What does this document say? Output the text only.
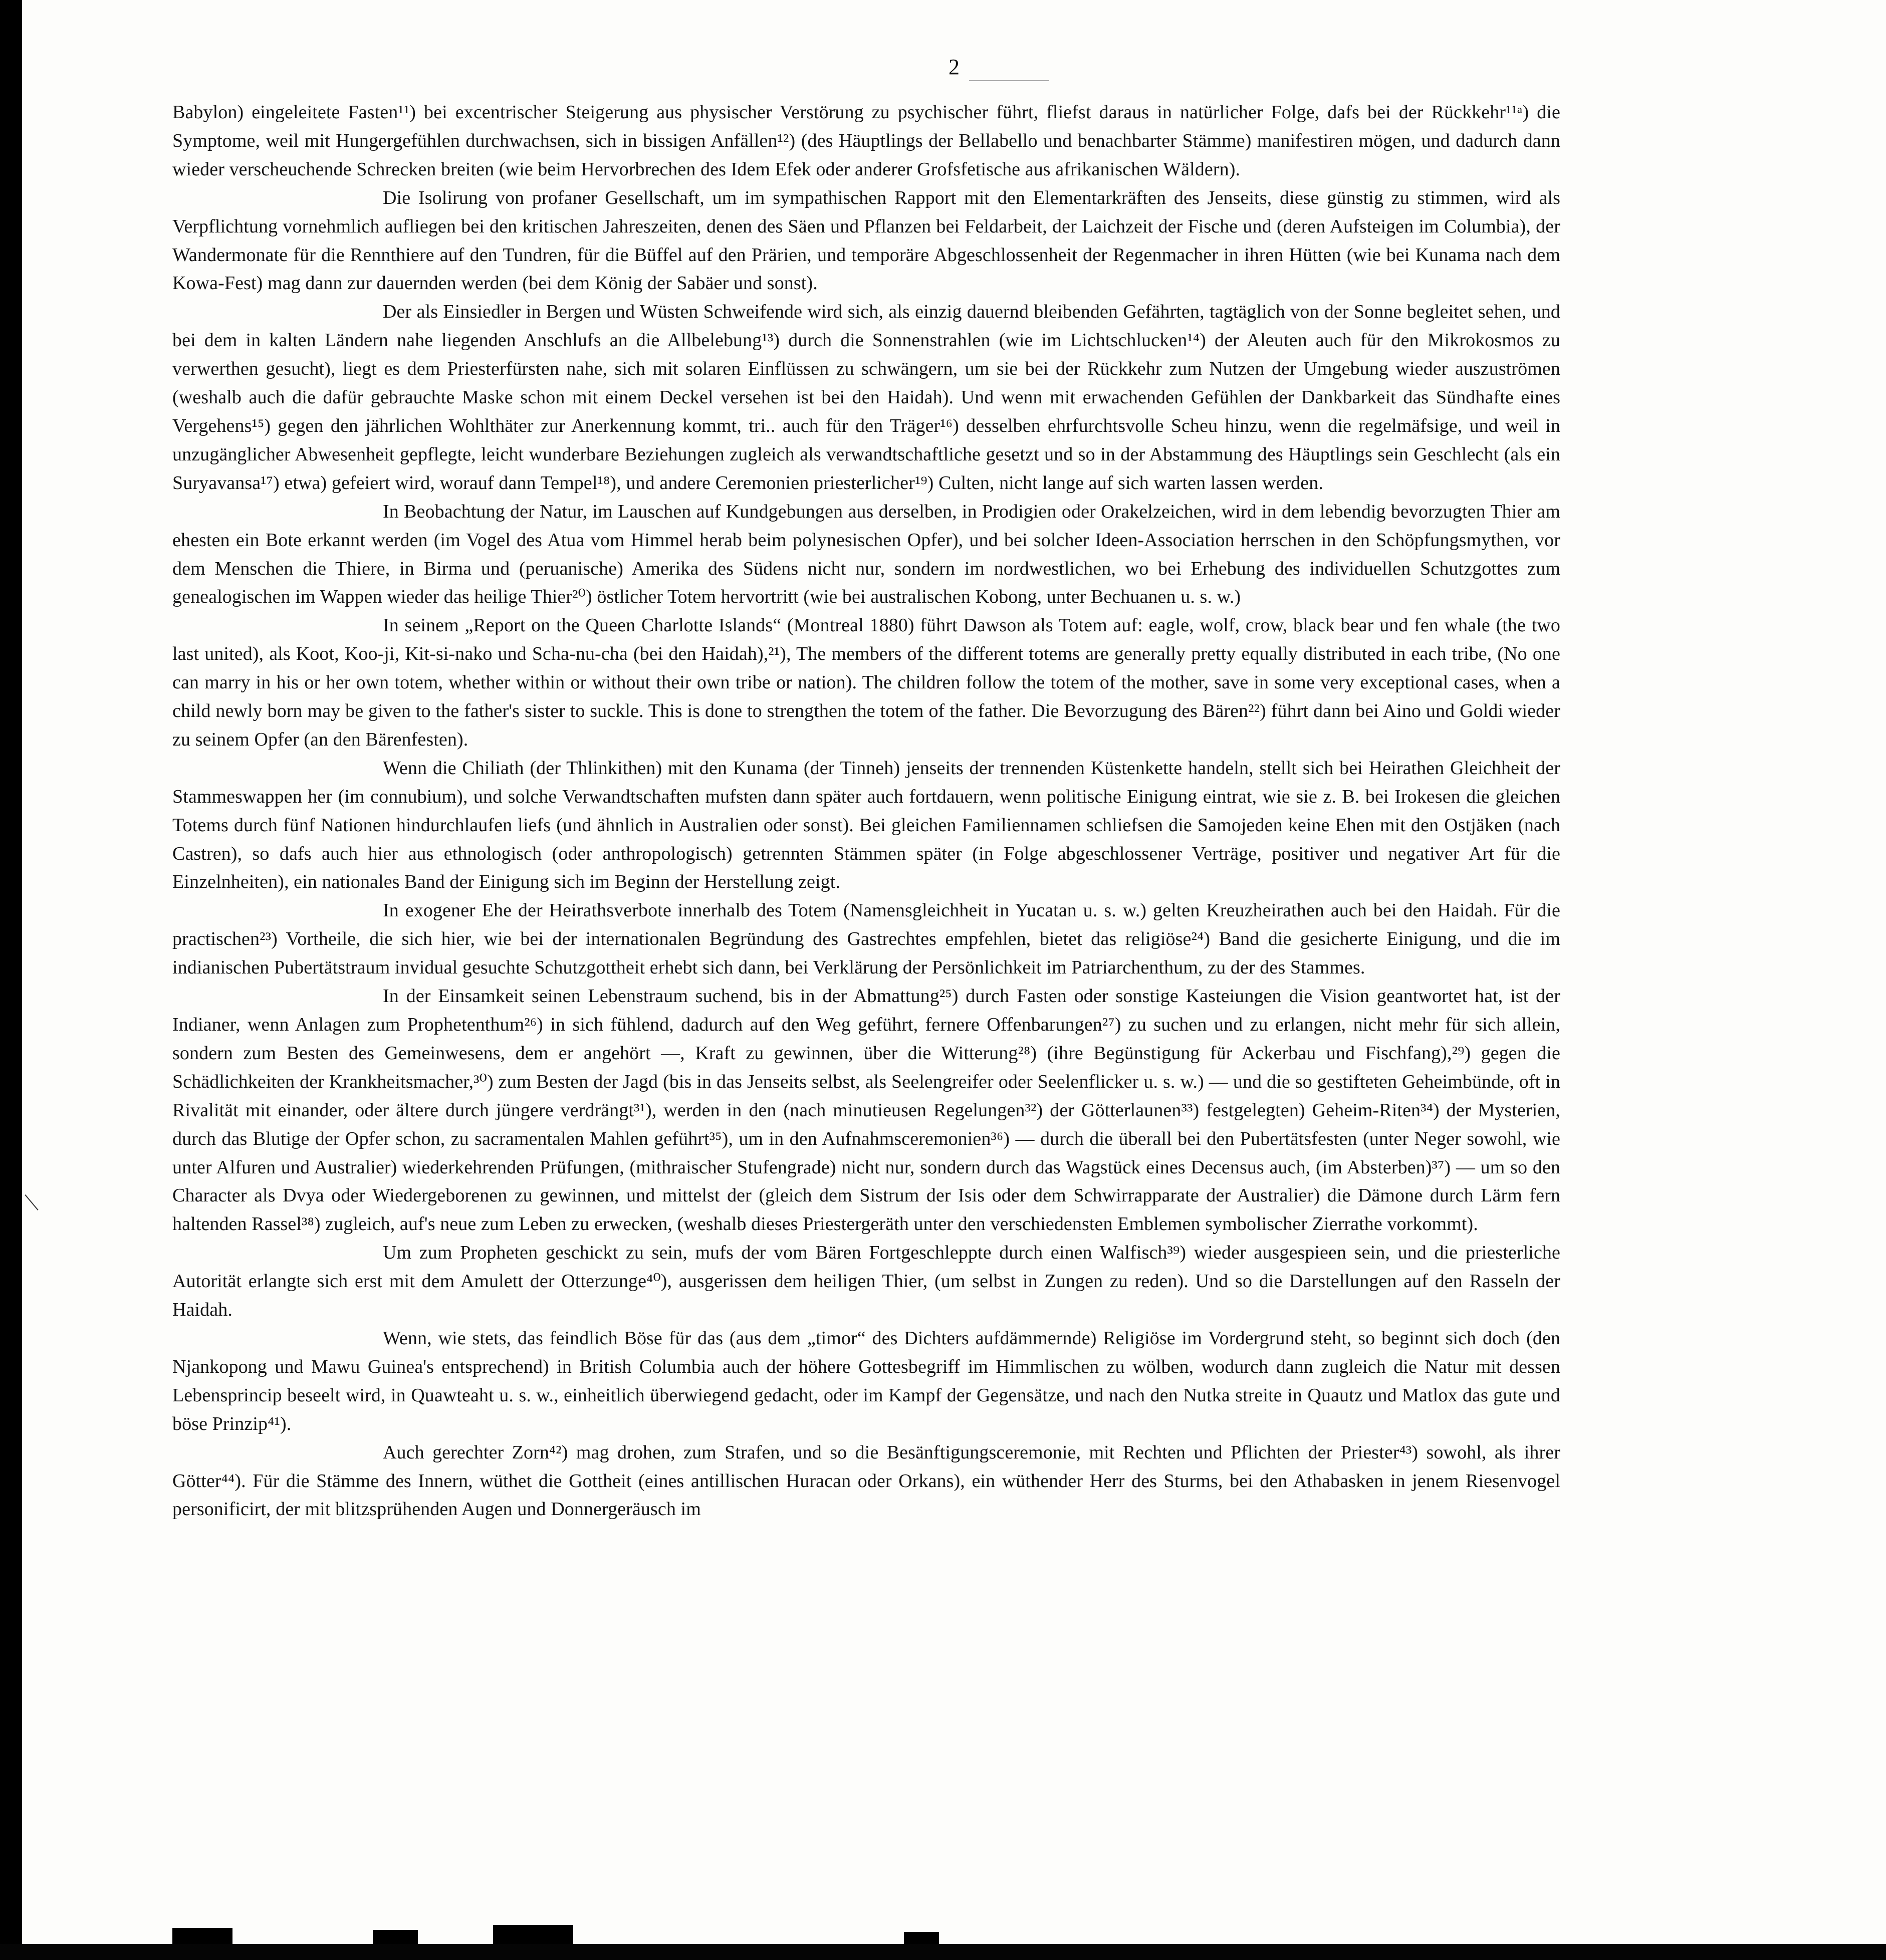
2

Babylon) eingeleitete Fasten¹¹) bei excentrischer Steigerung aus physischer Verstörung zu psychischer führt, fliefst daraus in natürlicher Folge, dafs bei der Rückkehr¹¹ᵃ) die Symptome, weil mit Hungergefühlen durchwachsen, sich in bissigen Anfällen¹²) (des Häuptlings der Bellabello und benachbarter Stämme) manifestiren mögen, und dadurch dann wieder verscheuchende Schrecken breiten (wie beim Hervorbrechen des Idem Efek oder anderer Grofsfetische aus afrikanischen Wäldern).

Die Isolirung von profaner Gesellschaft, um im sympathischen Rapport mit den Elementarkräften des Jenseits, diese günstig zu stimmen, wird als Verpflichtung vornehmlich aufliegen bei den kritischen Jahreszeiten, denen des Säen und Pflanzen bei Feldarbeit, der Laichzeit der Fische und (deren Aufsteigen im Columbia), der Wandermonate für die Rennthiere auf den Tundren, für die Büffel auf den Prärien, und temporäre Abgeschlossenheit der Regenmacher in ihren Hütten (wie bei Kunama nach dem Kowa-Fest) mag dann zur dauernden werden (bei dem König der Sabäer und sonst).

Der als Einsiedler in Bergen und Wüsten Schweifende wird sich, als einzig dauernd bleibenden Gefährten, tagtäglich von der Sonne begleitet sehen, und bei dem in kalten Ländern nahe liegenden Anschlufs an die Allbelebung¹³) durch die Sonnenstrahlen (wie im Lichtschlucken¹⁴) der Aleuten auch für den Mikrokosmos zu verwerthen gesucht), liegt es dem Priesterfürsten nahe, sich mit solaren Einflüssen zu schwängern, um sie bei der Rückkehr zum Nutzen der Umgebung wieder auszuströmen (weshalb auch die dafür gebrauchte Maske schon mit einem Deckel versehen ist bei den Haidah). Und wenn mit erwachenden Gefühlen der Dankbarkeit das Sündhafte eines Vergehens¹⁵) gegen den jährlichen Wohlthäter zur Anerkennung kommt, tri.. auch für den Träger¹⁶) desselben ehrfurchtsvolle Scheu hinzu, wenn die regelmäfsige, und weil in unzugänglicher Abwesenheit gepflegte, leicht wunderbare Beziehungen zugleich als verwandtschaftliche gesetzt und so in der Abstammung des Häuptlings sein Geschlecht (als ein Suryavansa¹⁷) etwa) gefeiert wird, worauf dann Tempel¹⁸), und andere Ceremonien priesterlicher¹⁹) Culten, nicht lange auf sich warten lassen werden.

In Beobachtung der Natur, im Lauschen auf Kundgebungen aus derselben, in Prodigien oder Orakelzeichen, wird in dem lebendig bevorzugten Thier am ehesten ein Bote erkannt werden (im Vogel des Atua vom Himmel herab beim polynesischen Opfer), und bei solcher Ideen-Association herrschen in den Schöpfungsmythen, vor dem Menschen die Thiere, in Birma und (peruanische) Amerika des Südens nicht nur, sondern im nordwestlichen, wo bei Erhebung des individuellen Schutzgottes zum genealogischen im Wappen wieder das heilige Thier²⁰) östlicher Totem hervortritt (wie bei australischen Kobong, unter Bechuanen u. s. w.)

In seinem „Report on the Queen Charlotte Islands“ (Montreal 1880) führt Dawson als Totem auf: eagle, wolf, crow, black bear und fen whale (the two last united), als Koot, Koo-ji, Kit-si-nako und Scha-nu-cha (bei den Haidah),²¹), The members of the different totems are generally pretty equally distributed in each tribe, (No one can marry in his or her own totem, whether within or without their own tribe or nation). The children follow the totem of the mother, save in some very exceptional cases, when a child newly born may be given to the father's sister to suckle. This is done to strengthen the totem of the father. Die Bevorzugung des Bären²²) führt dann bei Aino und Goldi wieder zu seinem Opfer (an den Bärenfesten).

Wenn die Chiliath (der Thlinkithen) mit den Kunama (der Tinneh) jenseits der trennenden Küstenkette handeln, stellt sich bei Heirathen Gleichheit der Stammeswappen her (im connubium), und solche Verwandtschaften mufsten dann später auch fortdauern, wenn politische Einigung eintrat, wie sie z. B. bei Irokesen die gleichen Totems durch fünf Nationen hindurchlaufen liefs (und ähnlich in Australien oder sonst). Bei gleichen Familiennamen schliefsen die Samojeden keine Ehen mit den Ostjäken (nach Castren), so dafs auch hier aus ethnologisch (oder anthropologisch) getrennten Stämmen später (in Folge abgeschlossener Verträge, positiver und negativer Art für die Einzelnheiten), ein nationales Band der Einigung sich im Beginn der Herstellung zeigt.

In exogener Ehe der Heirathsverbote innerhalb des Totem (Namensgleichheit in Yucatan u. s. w.) gelten Kreuzheirathen auch bei den Haidah. Für die practischen²³) Vortheile, die sich hier, wie bei der internationalen Begründung des Gastrechtes empfehlen, bietet das religiöse²⁴) Band die gesicherte Einigung, und die im indianischen Pubertätstraum invidual gesuchte Schutzgottheit erhebt sich dann, bei Verklärung der Persönlichkeit im Patriarchenthum, zu der des Stammes.

In der Einsamkeit seinen Lebenstraum suchend, bis in der Abmattung²⁵) durch Fasten oder sonstige Kasteiungen die Vision geantwortet hat, ist der Indianer, wenn Anlagen zum Prophetenthum²⁶) in sich fühlend, dadurch auf den Weg geführt, fernere Offenbarungen²⁷) zu suchen und zu erlangen, nicht mehr für sich allein, sondern zum Besten des Gemeinwesens, dem er angehört —, Kraft zu gewinnen, über die Witterung²⁸) (ihre Begünstigung für Ackerbau und Fischfang),²⁹) gegen die Schädlichkeiten der Krankheitsmacher,³⁰) zum Besten der Jagd (bis in das Jenseits selbst, als Seelengreifer oder Seelenflicker u. s. w.) — und die so gestifteten Geheimbünde, oft in Rivalität mit einander, oder ältere durch jüngere verdrängt³¹), werden in den (nach minutieusen Regelungen³²) der Götterlaunen³³) festgelegten) Geheim-Riten³⁴) der Mysterien, durch das Blutige der Opfer schon, zu sacramentalen Mahlen geführt³⁵), um in den Aufnahmsceremonien³⁶) — durch die überall bei den Pubertätsfesten (unter Neger sowohl, wie unter Alfuren und Australier) wiederkehrenden Prüfungen, (mithraischer Stufengrade) nicht nur, sondern durch das Wagstück eines Decensus auch, (im Absterben)³⁷) — um so den Character als Dvya oder Wiedergeborenen zu gewinnen, und mittelst der (gleich dem Sistrum der Isis oder dem Schwirrapparate der Australier) die Dämone durch Lärm fern haltenden Rassel³⁸) zugleich, auf's neue zum Leben zu erwecken, (weshalb dieses Priestergeräth unter den verschiedensten Emblemen symbolischer Zierrathe vorkommt).

Um zum Propheten geschickt zu sein, mufs der vom Bären Fortgeschleppte durch einen Walfisch³⁹) wieder ausgespieen sein, und die priesterliche Autorität erlangte sich erst mit dem Amulett der Otterzunge⁴⁰), ausgerissen dem heiligen Thier, (um selbst in Zungen zu reden). Und so die Darstellungen auf den Rasseln der Haidah.

Wenn, wie stets, das feindlich Böse für das (aus dem „timor“ des Dichters aufdämmernde) Religiöse im Vordergrund steht, so beginnt sich doch (den Njankopong und Mawu Guinea's entsprechend) in British Columbia auch der höhere Gottesbegriff im Himmlischen zu wölben, wodurch dann zugleich die Natur mit dessen Lebensprincip beseelt wird, in Quawteaht u. s. w., einheitlich überwiegend gedacht, oder im Kampf der Gegensätze, und nach den Nutka streite in Quautz und Matlox das gute und böse Prinzip⁴¹).

Auch gerechter Zorn⁴²) mag drohen, zum Strafen, und so die Besänftigungsceremonie, mit Rechten und Pflichten der Priester⁴³) sowohl, als ihrer Götter⁴⁴). Für die Stämme des Innern, wüthet die Gottheit (eines antillischen Huracan oder Orkans), ein wüthender Herr des Sturms, bei den Athabasken in jenem Riesenvogel personificirt, der mit blitzsprühenden Augen und Donnergeräusch im
